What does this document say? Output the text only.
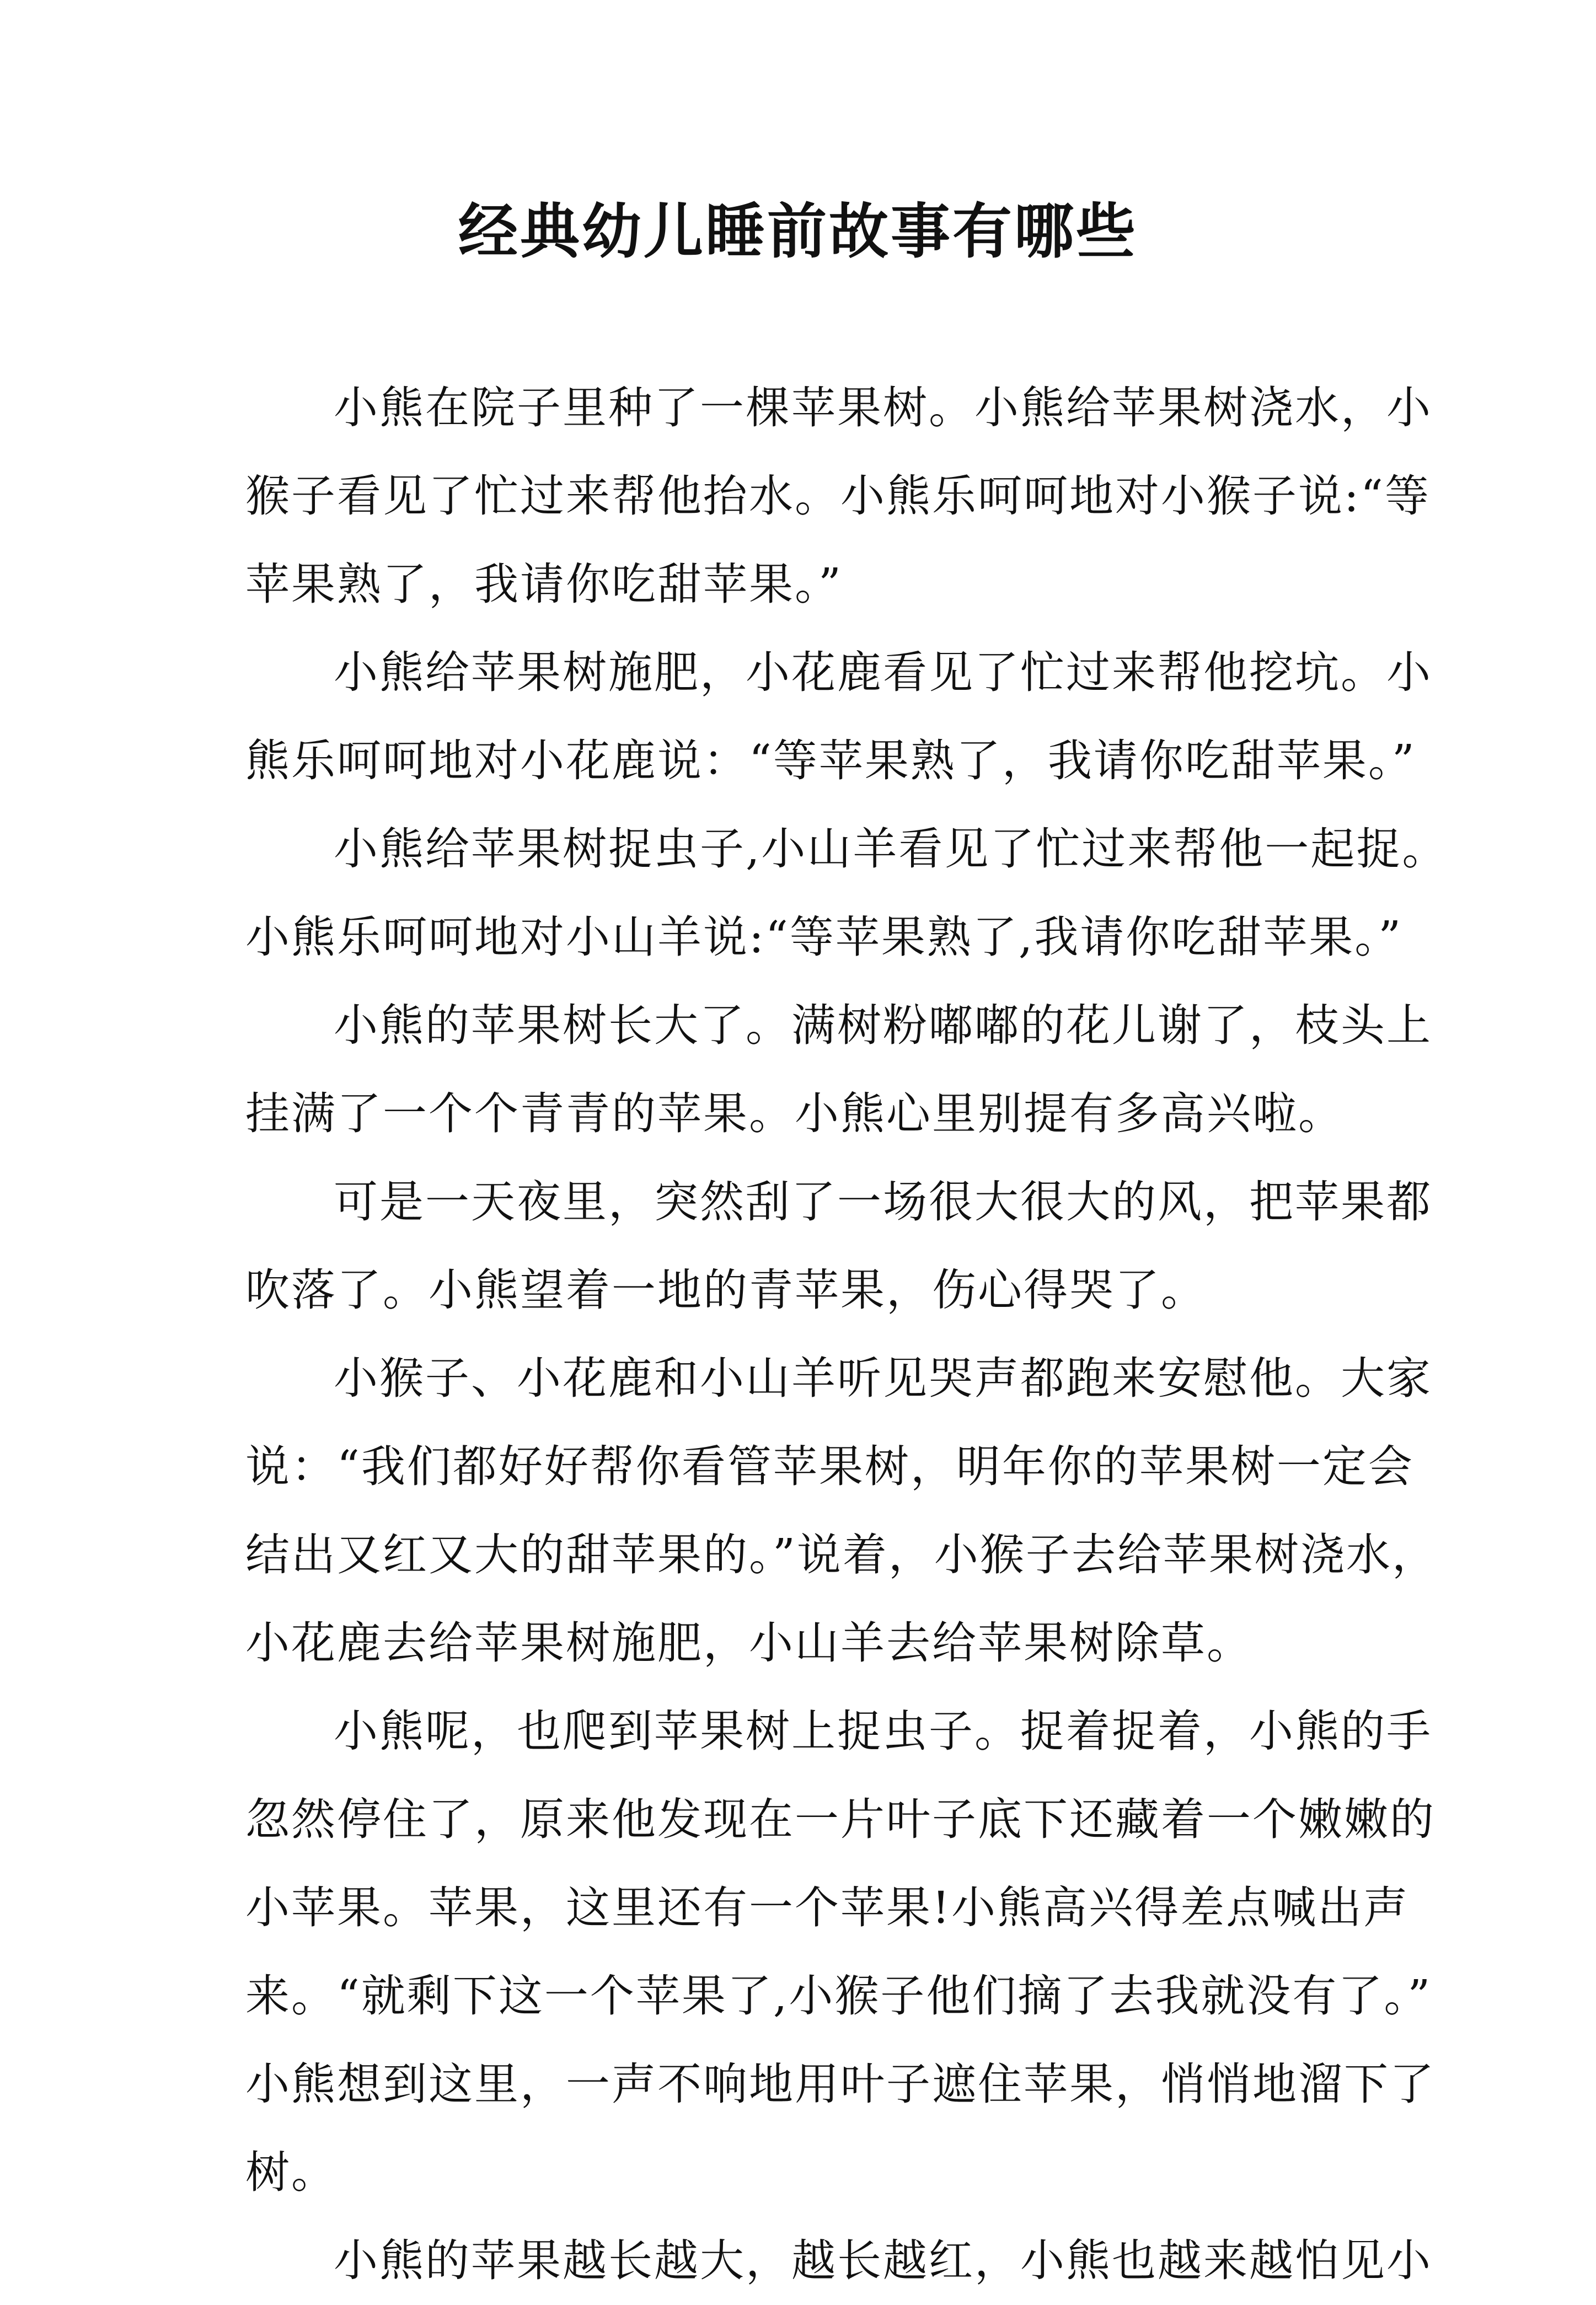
经典幼儿睡前故事有哪些
小熊在院子里种了一棵苹果树。小熊给苹果树浇水，小
猴子看见了忙过来帮他抬水。小熊乐呵呵地对小猴子说:“等
苹果熟了，我请你吃甜苹果。”
小熊给苹果树施肥，小花鹿看见了忙过来帮他挖坑。小
熊乐呵呵地对小花鹿说：“等苹果熟了，我请你吃甜苹果。”
小熊给苹果树捉虫子,小山羊看见了忙过来帮他一起捉。
小熊乐呵呵地对小山羊说:“等苹果熟了,我请你吃甜苹果。”
小熊的苹果树长大了。满树粉嘟嘟的花儿谢了，枝头上
挂满了一个个青青的苹果。小熊心里别提有多高兴啦。
可是一天夜里，突然刮了一场很大很大的风，把苹果都
吹落了。小熊望着一地的青苹果，伤心得哭了。
小猴子、小花鹿和小山羊听见哭声都跑来安慰他。大家
说：“我们都好好帮你看管苹果树，明年你的苹果树一定会
结出又红又大的甜苹果的。”说着，小猴子去给苹果树浇水，
小花鹿去给苹果树施肥，小山羊去给苹果树除草。
小熊呢，也爬到苹果树上捉虫子。捉着捉着，小熊的手
忽然停住了，原来他发现在一片叶子底下还藏着一个嫩嫩的
小苹果。苹果，这里还有一个苹果!小熊高兴得差点喊出声
来。“就剩下这一个苹果了,小猴子他们摘了去我就没有了。”
小熊想到这里，一声不响地用叶子遮住苹果，悄悄地溜下了
树。
小熊的苹果越长越大，越长越红，小熊也越来越怕见小
